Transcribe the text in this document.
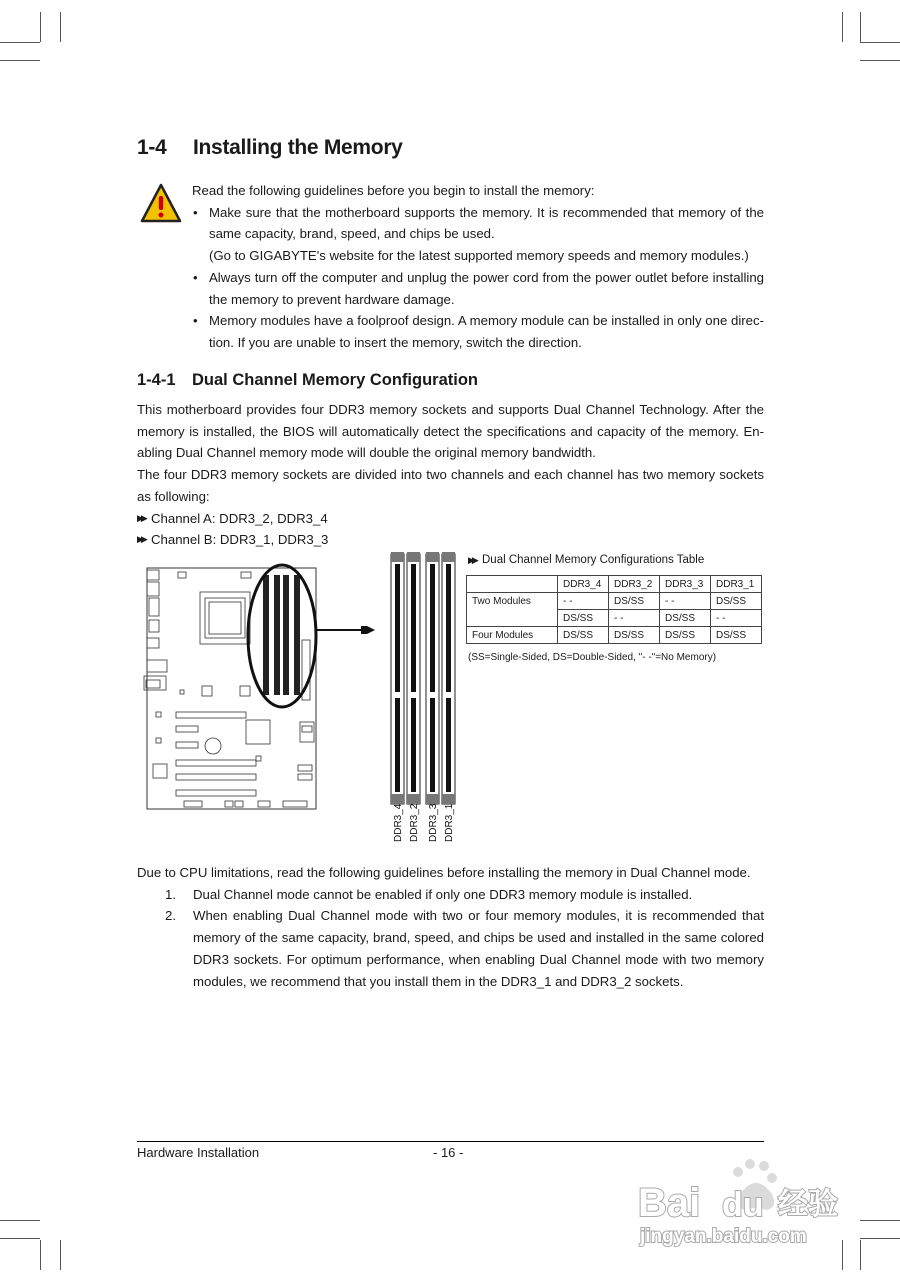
1-4 Installing the Memory
Read the following guidelines before you begin to install the memory:
• Make sure that the motherboard supports the memory. It is recommended that memory of the same capacity, brand, speed, and chips be used.
(Go to GIGABYTE's website for the latest supported memory speeds and memory modules.)
• Always turn off the computer and unplug the power cord from the power outlet before installing the memory to prevent hardware damage.
• Memory modules have a foolproof design. A memory module can be installed in only one direc-tion. If you are unable to insert the memory, switch the direction.
1-4-1 Dual Channel Memory Configuration

This motherboard provides four DDR3 memory sockets and supports Dual Channel Technology. After the memory is installed, the BIOS will automatically detect the specifications and capacity of the memory. En-abling Dual Channel memory mode will double the original memory bandwidth.

The four DDR3 memory sockets are divided into two channels and each channel has two memory sockets as following:

▶▶ Channel A: DDR3_2, DDR3_4
▶▶ Channel B: DDR3_1, DDR3_3
DDR3_4 DDR3_2 DDR3_3 DDR3_1
▶▶ Dual Channel Memory Configurations Table
	DDR3_4	DDR3_2	DDR3_3	DDR3_1
Two Modules	- -	DS/SS	- -	DS/SS
	DS/SS	- -	DS/SS	- -
Four Modules	DS/SS	DS/SS	DS/SS	DS/SS
(SS=Single-Sided, DS=Double-Sided, "- -"=No Memory)
Due to CPU limitations, read the following guidelines before installing the memory in Dual Channel mode.
1. Dual Channel mode cannot be enabled if only one DDR3 memory module is installed.
2. When enabling Dual Channel mode with two or four memory modules, it is recommended that memory of the same capacity, brand, speed, and chips be used and installed in the same colored DDR3 sockets. For optimum performance, when enabling Dual Channel mode with two memory modules, we recommend that you install them in the DDR3_1 and DDR3_2 sockets.
Hardware Installation	- 16 -
Bai du 经验
jingyan.baidu.com
